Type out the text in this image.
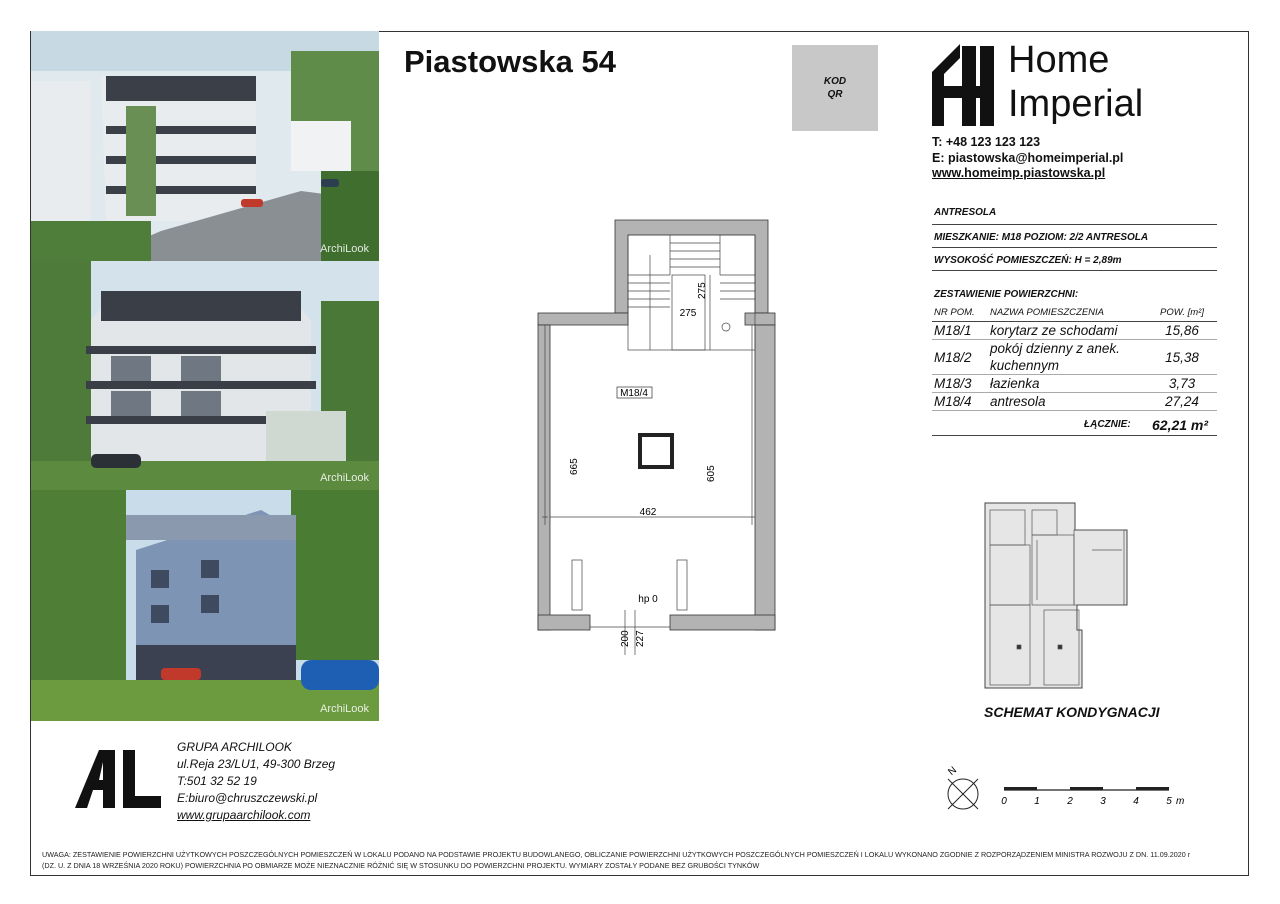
ArchiLook
ArchiLook
ArchiLook
Piastowska 54
KOD
QR
Home
Imperial
T: +48 123 123 123
E: piastowska@homeimperial.pl
www.homeimp.piastowska.pl
ANTRESOLA
MIESZKANIE: M18 POZIOM: 2/2 ANTRESOLA
WYSOKOŚĆ POMIESZCZEŃ: H = 2,89m
ZESTAWIENIE POWIERZCHNI:
NR POM.	NAZWA POMIESZCZENIA	POW. [m²]
M18/1	korytarz ze schodami	15,86
M18/2	pokój dzienny z anek. kuchennym	15,38
M18/3	łazienka	3,73
M18/4	antresola	27,24
ŁĄCZNIE: 62,21 m²
M18/4
hp 0
275
275
665	605
462
200 227
SCHEMAT KONDYGNACJI
N
0	1	2	3	4	5 m
GRUPA ARCHILOOK
ul.Reja 23/LU1, 49-300 Brzeg
T:501 32 52 19
E:biuro@chruszczewski.pl
www.grupaarchilook.com
UWAGA: ZESTAWIENIE POWIERZCHNI UŻYTKOWYCH POSZCZEGÓLNYCH POMIESZCZEŃ W LOKALU PODANO NA PODSTAWIE PROJEKTU BUDOWLANEGO, OBLICZANIE POWIERZCHNI UŻYTKOWYCH POSZCZEGÓLNYCH POMIESZCZEŃ I LOKALU WYKONANO ZGODNIE Z ROZPORZĄDZENIEM MINISTRA ROZWOJU Z DN. 11.09.2020 r
(DZ. U. Z DNIA 18 WRZEŚNIA 2020 ROKU) POWIERZCHNIA PO OBMIARZE MOŻE NIEZNACZNIE RÓŻNIĆ SIĘ W STOSUNKU DO POWIERZCHNI PROJEKTU. WYMIARY ZOSTAŁY PODANE BEZ GRUBOŚCI TYNKÓW
